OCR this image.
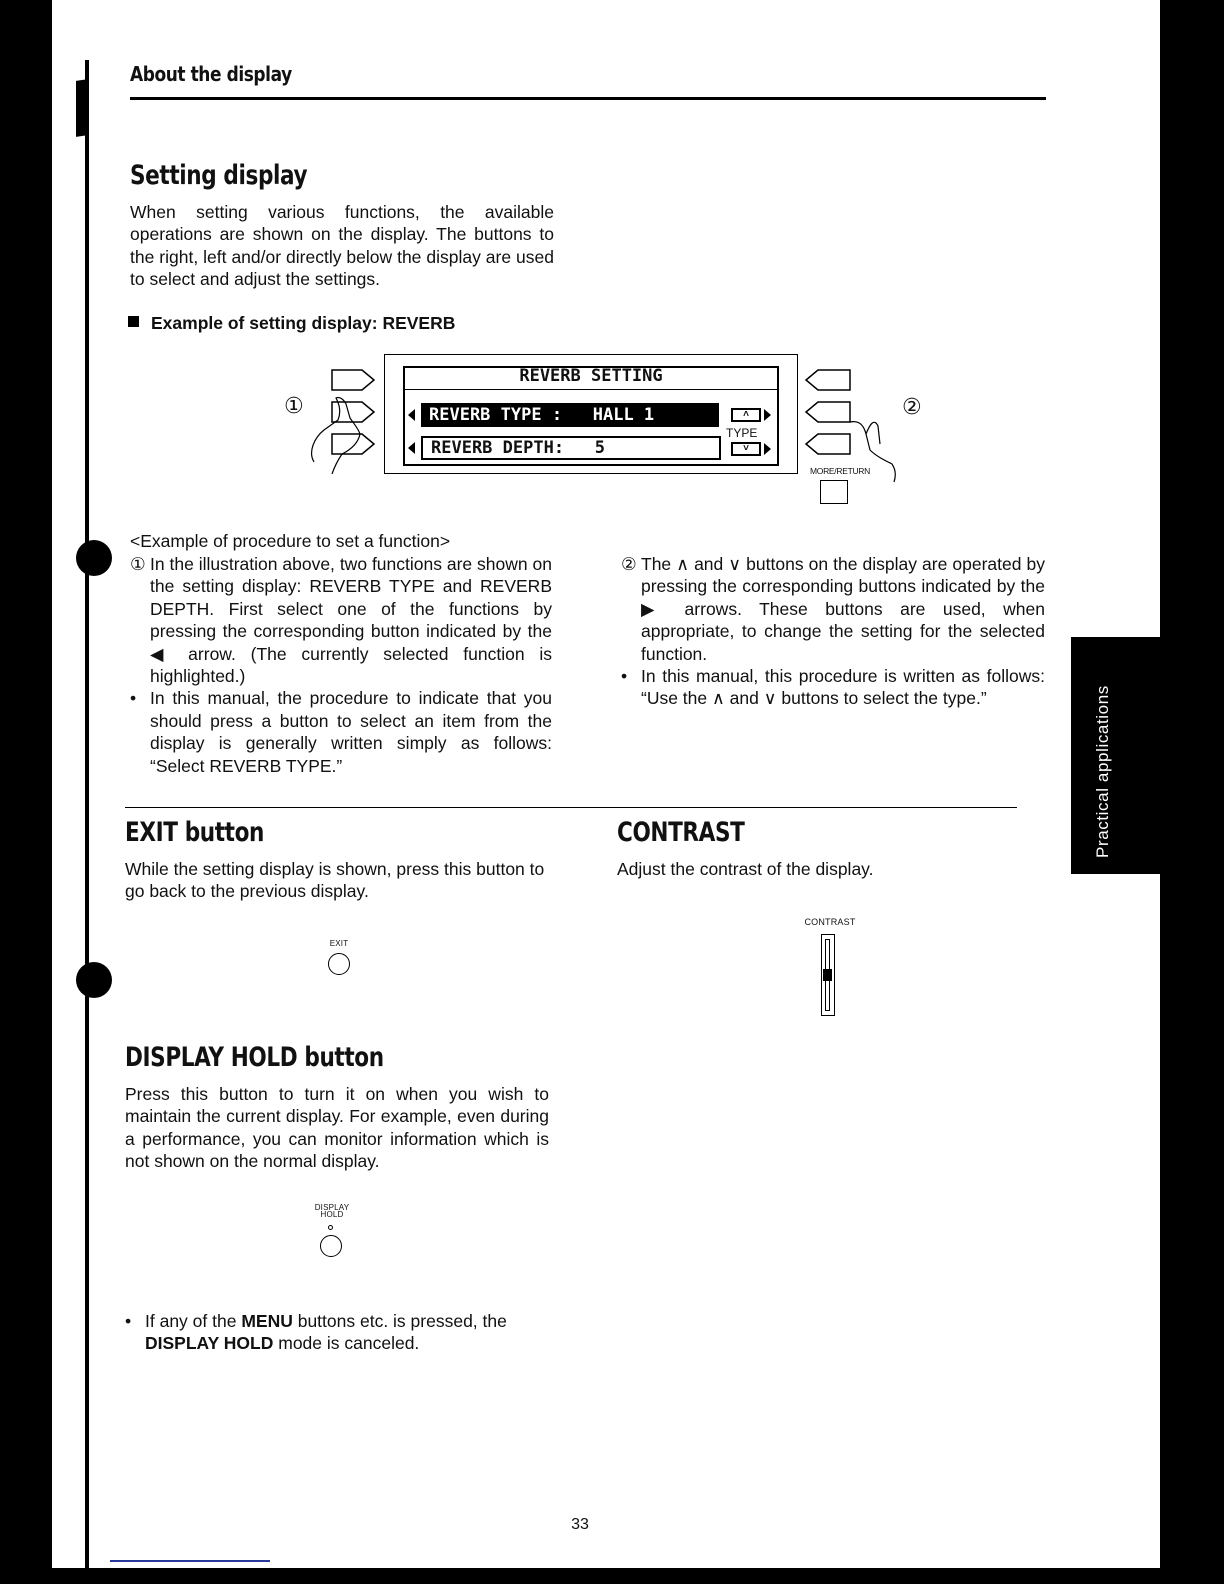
About the display
Setting display
When setting various functions, the available operations are shown on the display. The buttons to the right, left and/or directly below the display are used to select and adjust the settings.
Example of setting display: REVERB
①
REVERB SETTING
REVERB TYPE :   HALL 1	˄
REVERB DEPTH:   5	˅
TYPE
②
MORE/RETURN
<Example of procedure to set a function>
① In the illustration above, two functions are shown on the setting display: REVERB TYPE and REVERB DEPTH. First select one of the functions by pressing the corresponding button indicated by the ◀ arrow. (The currently selected function is highlighted.)
• In this manual, the procedure to indicate that you should press a button to select an item from the display is generally written simply as follows: “Select REVERB TYPE.”
② The ∧ and ∨ buttons on the display are operated by pressing the corresponding buttons indicated by the ▶ arrows. These buttons are used, when appropriate, to change the setting for the selected function.
• In this manual, this procedure is written as follows: “Use the ∧ and ∨ buttons to select the type.”	Practical applications
EXIT button
While the setting display is shown, press this button to go back to the previous display.
EXIT
CONTRAST
Adjust the contrast of the display.
CONTRAST
DISPLAY HOLD button
Press this button to turn it on when you wish to maintain the current display. For example, even during a performance, you can monitor information which is not shown on the normal display.
DISPLAY
HOLD
• If any of the MENU buttons etc. is pressed, the DISPLAY HOLD mode is canceled.
33
